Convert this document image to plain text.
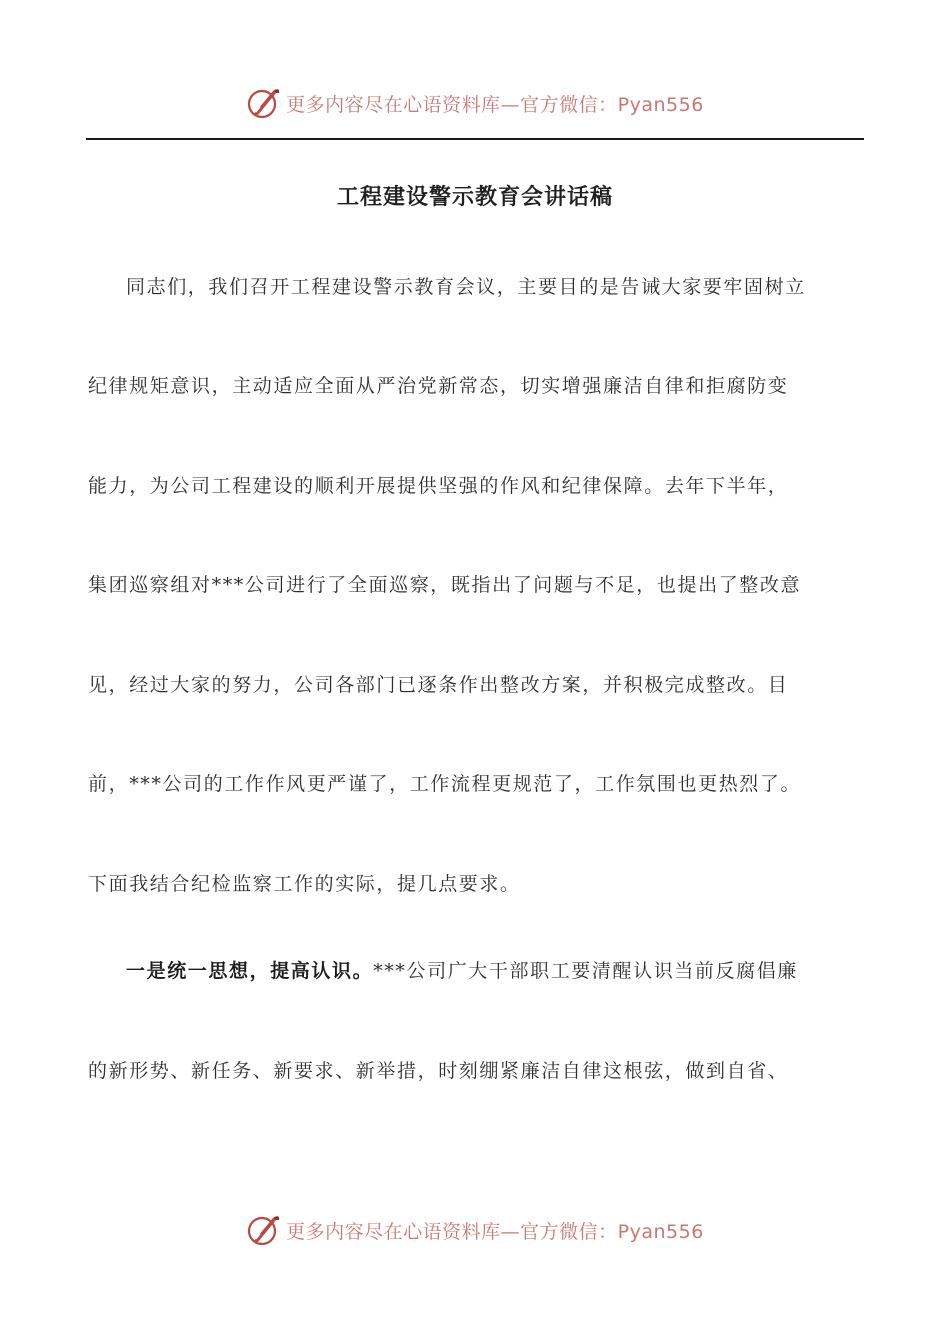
更多内容尽在心语资料库—官方微信：Pyan556
工程建设警示教育会讲话稿

同志们，我们召开工程建设警示教育会议，主要目的是告诫大家要牢固树立

纪律规矩意识，主动适应全面从严治党新常态，切实增强廉洁自律和拒腐防变

能力，为公司工程建设的顺利开展提供坚强的作风和纪律保障。去年下半年，

集团巡察组对***公司进行了全面巡察，既指出了问题与不足，也提出了整改意

见，经过大家的努力，公司各部门已逐条作出整改方案，并积极完成整改。目

前，***公司的工作作风更严谨了，工作流程更规范了，工作氛围也更热烈了。

下面我结合纪检监察工作的实际，提几点要求。

一是统一思想，提高认识。***公司广大干部职工要清醒认识当前反腐倡廉

的新形势、新任务、新要求、新举措，时刻绷紧廉洁自律这根弦，做到自省、

更多内容尽在心语资料库—官方微信：Pyan556
